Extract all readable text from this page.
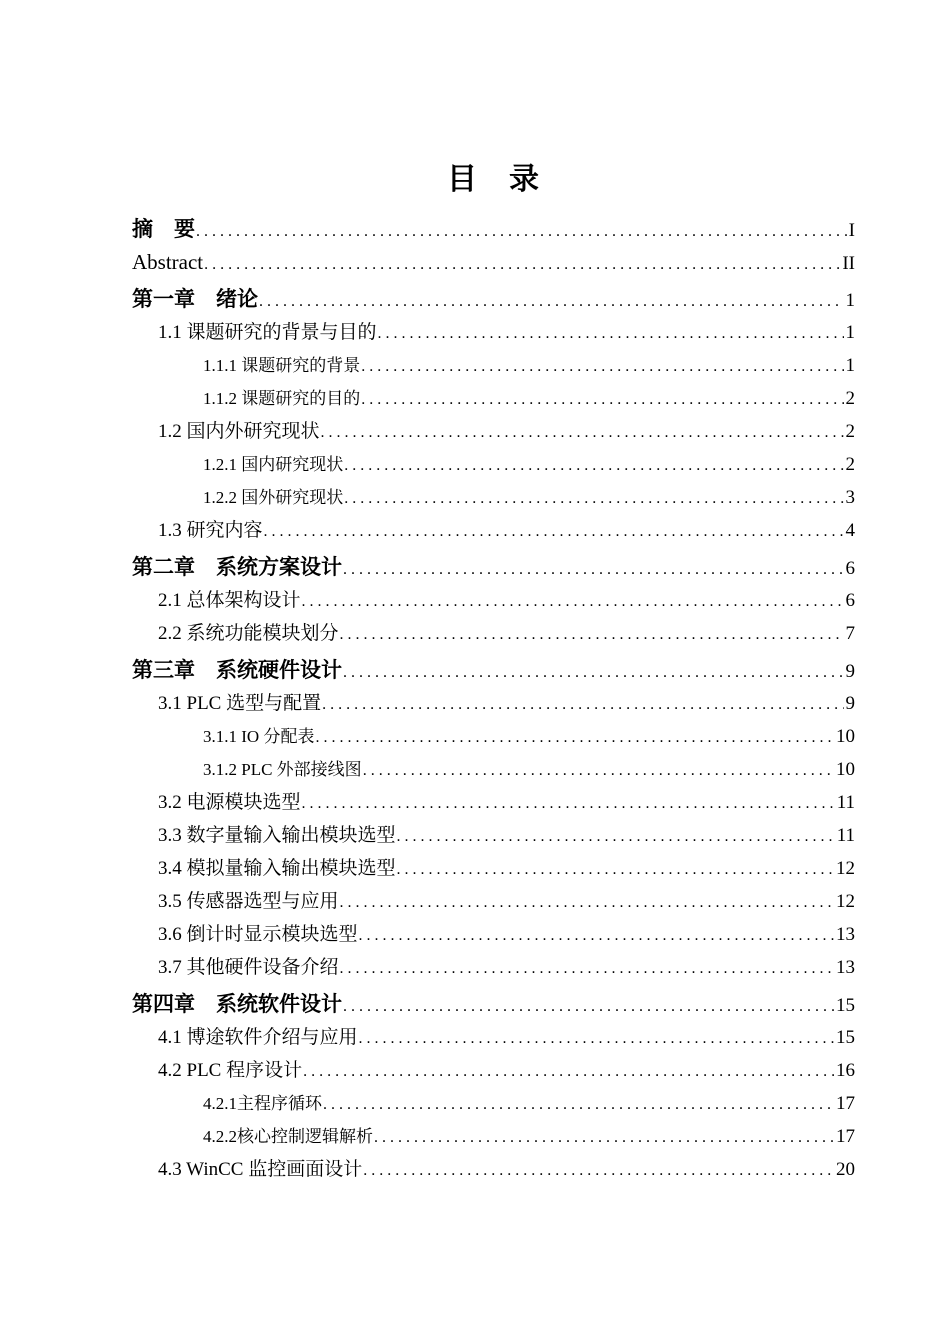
目　录
摘　要 . . .	I
Abstract . . .	II
第一章　绪论 . . .	1
1.1 课题研究的背景与目的 . . .	1
1.1.1 课题研究的背景 . . .	1
1.1.2 课题研究的目的 . . .	2
1.2 国内外研究现状 . . .	2
1.2.1 国内研究现状 . . .	2
1.2.2 国外研究现状 . . .	3
1.3 研究内容 . . .	4
第二章　系统方案设计 . . .	6
2.1 总体架构设计 . . .	6
2.2 系统功能模块划分 . . .	7
第三章　系统硬件设计 . . .	9
3.1 PLC 选型与配置 . . .	9
3.1.1 IO 分配表 . . .	10
3.1.2 PLC 外部接线图 . . .	10
3.2 电源模块选型 . . .	11
3.3 数字量输入输出模块选型 . . .	11
3.4 模拟量输入输出模块选型 . . .	12
3.5 传感器选型与应用 . . .	12
3.6 倒计时显示模块选型 . . .	13
3.7 其他硬件设备介绍 . . .	13
第四章　系统软件设计 . . .	15
4.1 博途软件介绍与应用 . . .	15
4.2 PLC 程序设计 . . .	16
4.2.1主程序循环 . . .	17
4.2.2核心控制逻辑解析 . . .	17
4.3 WinCC 监控画面设计 . . .	20
